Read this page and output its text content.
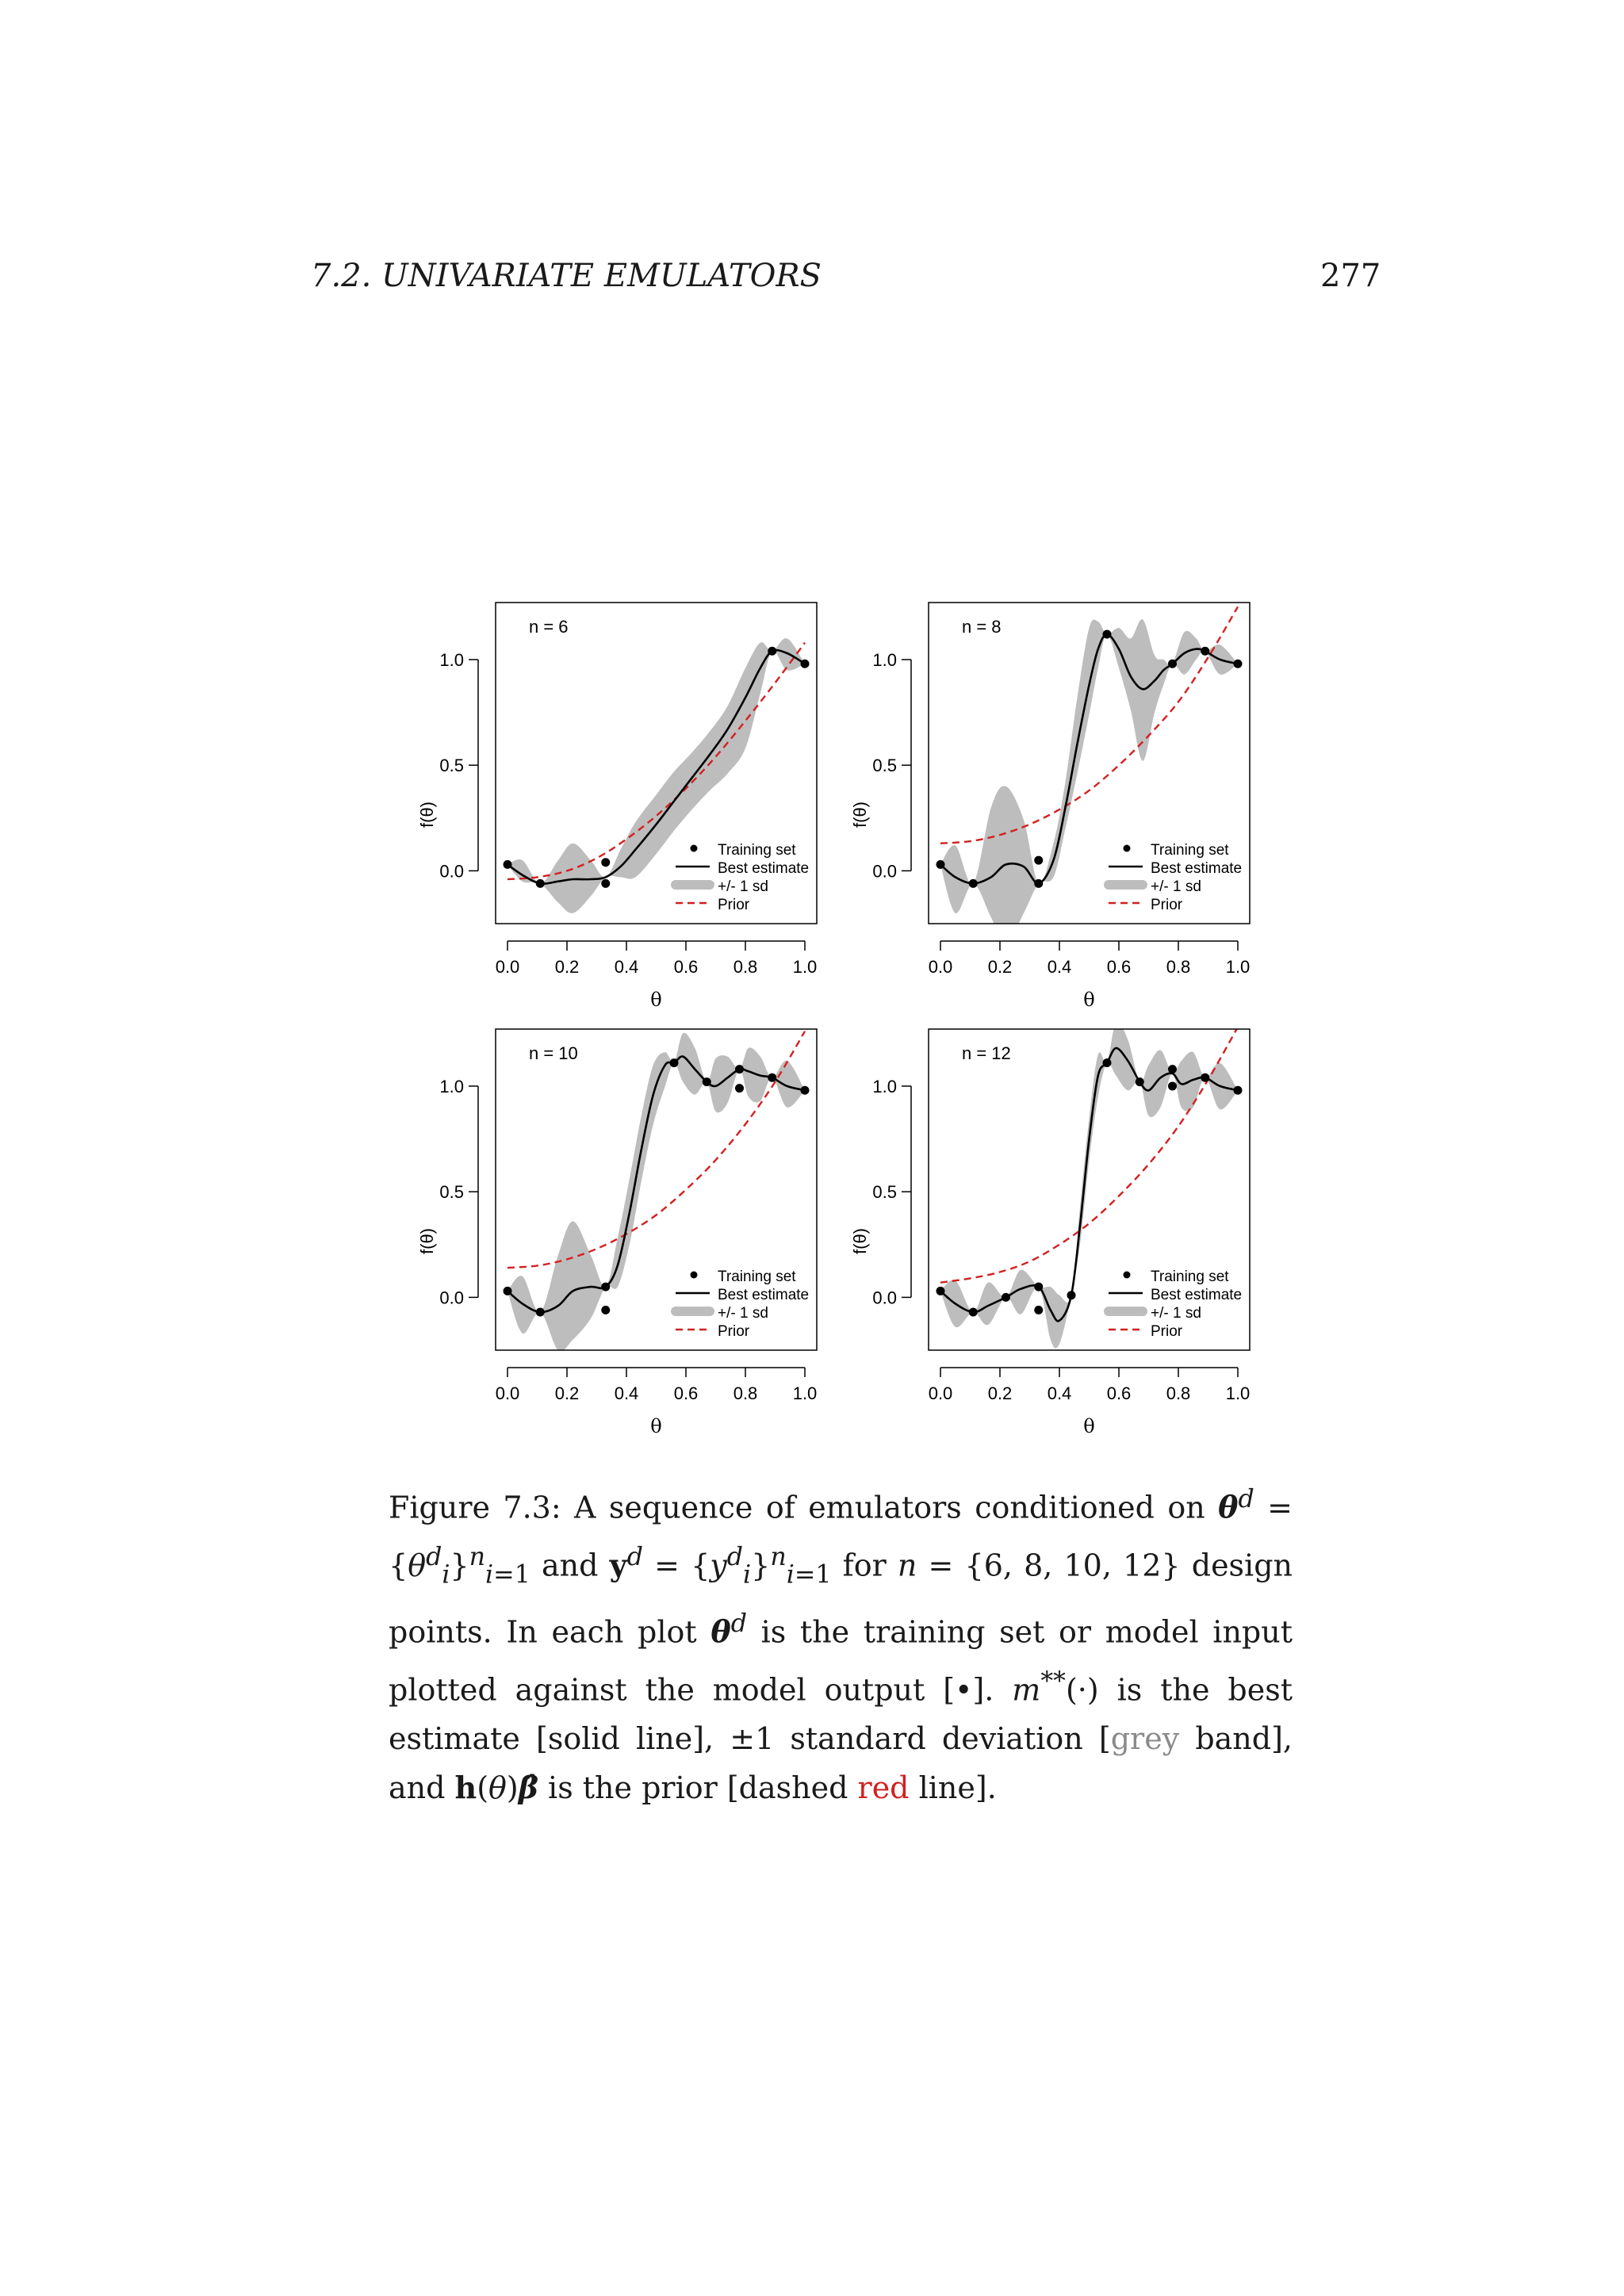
7.2. UNIVARIATE EMULATORS	277
0.0 0.2 0.4 0.6 0.8 1.0
θ
0.0
0.5
1.0
f(θ)
n = 6
Training set
Best estimate
+/- 1 sd
Prior
0.0 0.2 0.4 0.6 0.8 1.0
θ
0.0
0.5
1.0
f(θ)
n = 8
Training set
Best estimate
+/- 1 sd
Prior
0.0 0.2 0.4 0.6 0.8 1.0
θ
0.0
0.5
1.0
f(θ)
n = 10
Training set
Best estimate
+/- 1 sd
Prior
0.0 0.2 0.4 0.6 0.8 1.0
θ
0.0
0.5
1.0
f(θ)
n = 12
Training set
Best estimate
+/- 1 sd
Prior
Figure 7.3: A sequence of emulators conditioned on $\theta^d = \{\theta^d_i\}^n_{i=1}$ and $y^d = \{y^d_i\}^n_{i=1}$ for n = {6, 8, 10, 12} design points. In each plot $\theta^d$ is the training set or model input plotted against the model output [•]. m**(·) is the best estimate [solid line], ±1 standard deviation [grey band], and h(θ)β̂ is the prior [dashed red line].
